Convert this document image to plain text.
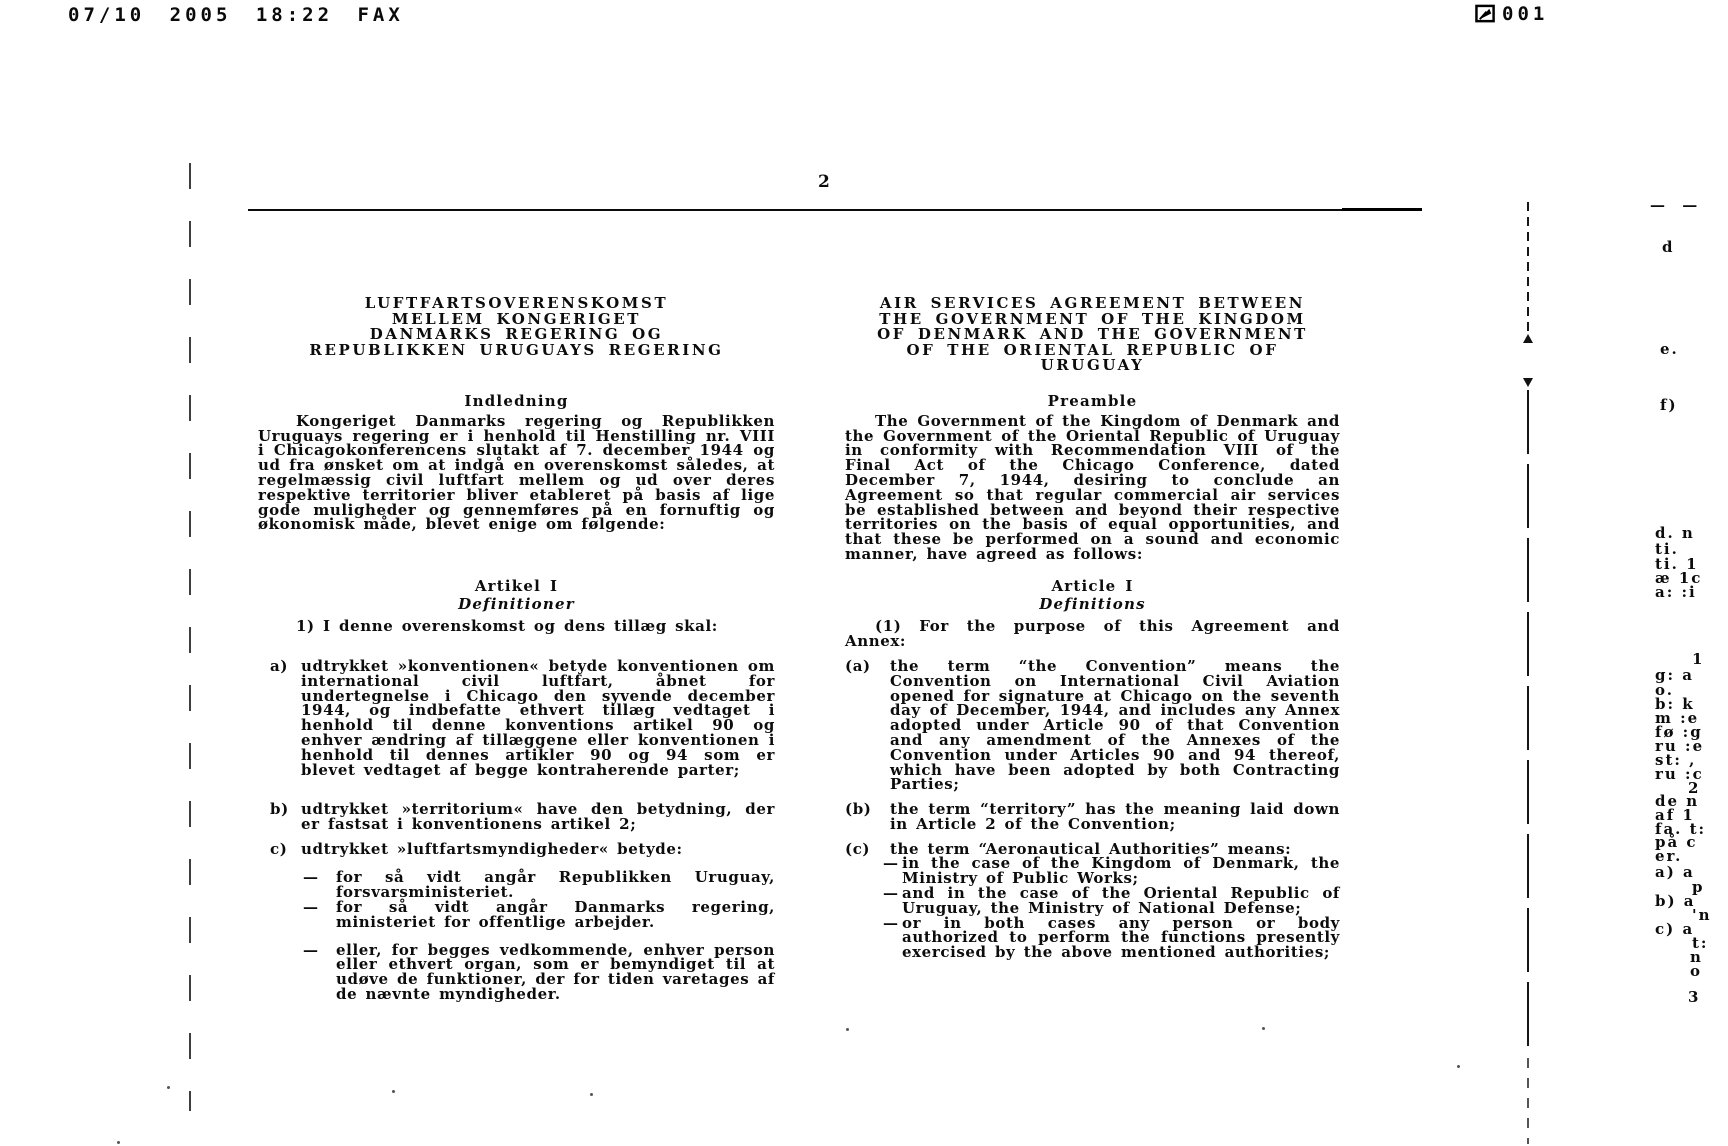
07/10 2005 18:22 FAX	001
2
— —
LUFTFARTSOVERENSKOMST
MELLEM KONGERIGET
DANMARKS REGERING OG
REPUBLIKKEN URUGUAYS REGERING
AIR SERVICES AGREEMENT BETWEEN
THE GOVERNMENT OF THE KINGDOM
OF DENMARK AND THE GOVERNMENT
OF THE ORIENTAL REPUBLIC OF
URUGUAY
Indledning	Preamble
Kongeriget Danmarks regering og Republikken Uruguays regering er i henhold til Henstilling nr. VIII i Chicagokonferencens slutakt af 7. december 1944 og ud fra ønsket om at indgå en overenskomst således, at regelmæssig civil luftfart mellem og ud over deres respektive territorier bliver etableret på basis af lige gode muligheder og gennemføres på en fornuftig og økonomisk måde, blevet enige om følgende:
The Government of the Kingdom of Denmark and the Government of the Oriental Republic of Uruguay in conformity with Recommendation VIII of the Final Act of the Chicago Conference, dated December 7, 1944, desiring to conclude an Agreement so that regular commercial air services be established between and beyond their respective territories on the basis of equal opportunities, and that these be performed on a sound and economic manner, have agreed as follows:
Artikel I	Article I
Definitioner	Definitions
1) I denne overenskomst og dens tillæg skal:	(1) For the purpose of this Agreement and Annex:
a) udtrykket »konventionen« betyde konventionen om international civil luftfart, åbnet for undertegnelse i Chicago den syvende december 1944, og indbefatte ethvert tillæg vedtaget i henhold til denne konventions artikel 90 og enhver ændring af tillæggene eller konventionen i henhold til dennes artikler 90 og 94 som er blevet vedtaget af begge kontraherende parter;
(a) the term “the Convention” means the Convention on International Civil Aviation opened for signature at Chicago on the seventh day of December, 1944, and includes any Annex adopted under Article 90 of that Convention and any amendment of the Annexes of the Convention under Articles 90 and 94 thereof, which have been adopted by both Contracting Parties;
b) udtrykket »territorium« have den betydning, der er fastsat i konventionens artikel 2;
(b) the term “territory” has the meaning laid down in Article 2 of the Convention;
c) udtrykket »luftfartsmyndigheder« betyde:
— for så vidt angår Republikken Uruguay, forsvarsministeriet.
— for så vidt angår Danmarks regering, ministeriet for offentlige arbejder.
— eller, for begges vedkommende, enhver person eller ethvert organ, som er bemyndiget til at udøve de funktioner, der for tiden varetages af de nævnte myndigheder.
(c) the term “Aeronautical Authorities” means:
— in the case of the Kingdom of Denmark, the Ministry of Public Works;
— and in the case of the Oriental Republic of Uruguay, the Ministry of National Defense;
— or in both cases any person or body authorized to perform the functions presently exercised by the above mentioned authorities;
d
e.
f)
d. n
ti.
ti. 1
æ 1c
a: :i
1
g: a
o.
b: k
m :e
fø :g
ru :e
st: ,
ru :c
2
de n
af 1
fa. t:
på c
er.
a) a
p
b) a
'n
c) a
t:
n
o
3
